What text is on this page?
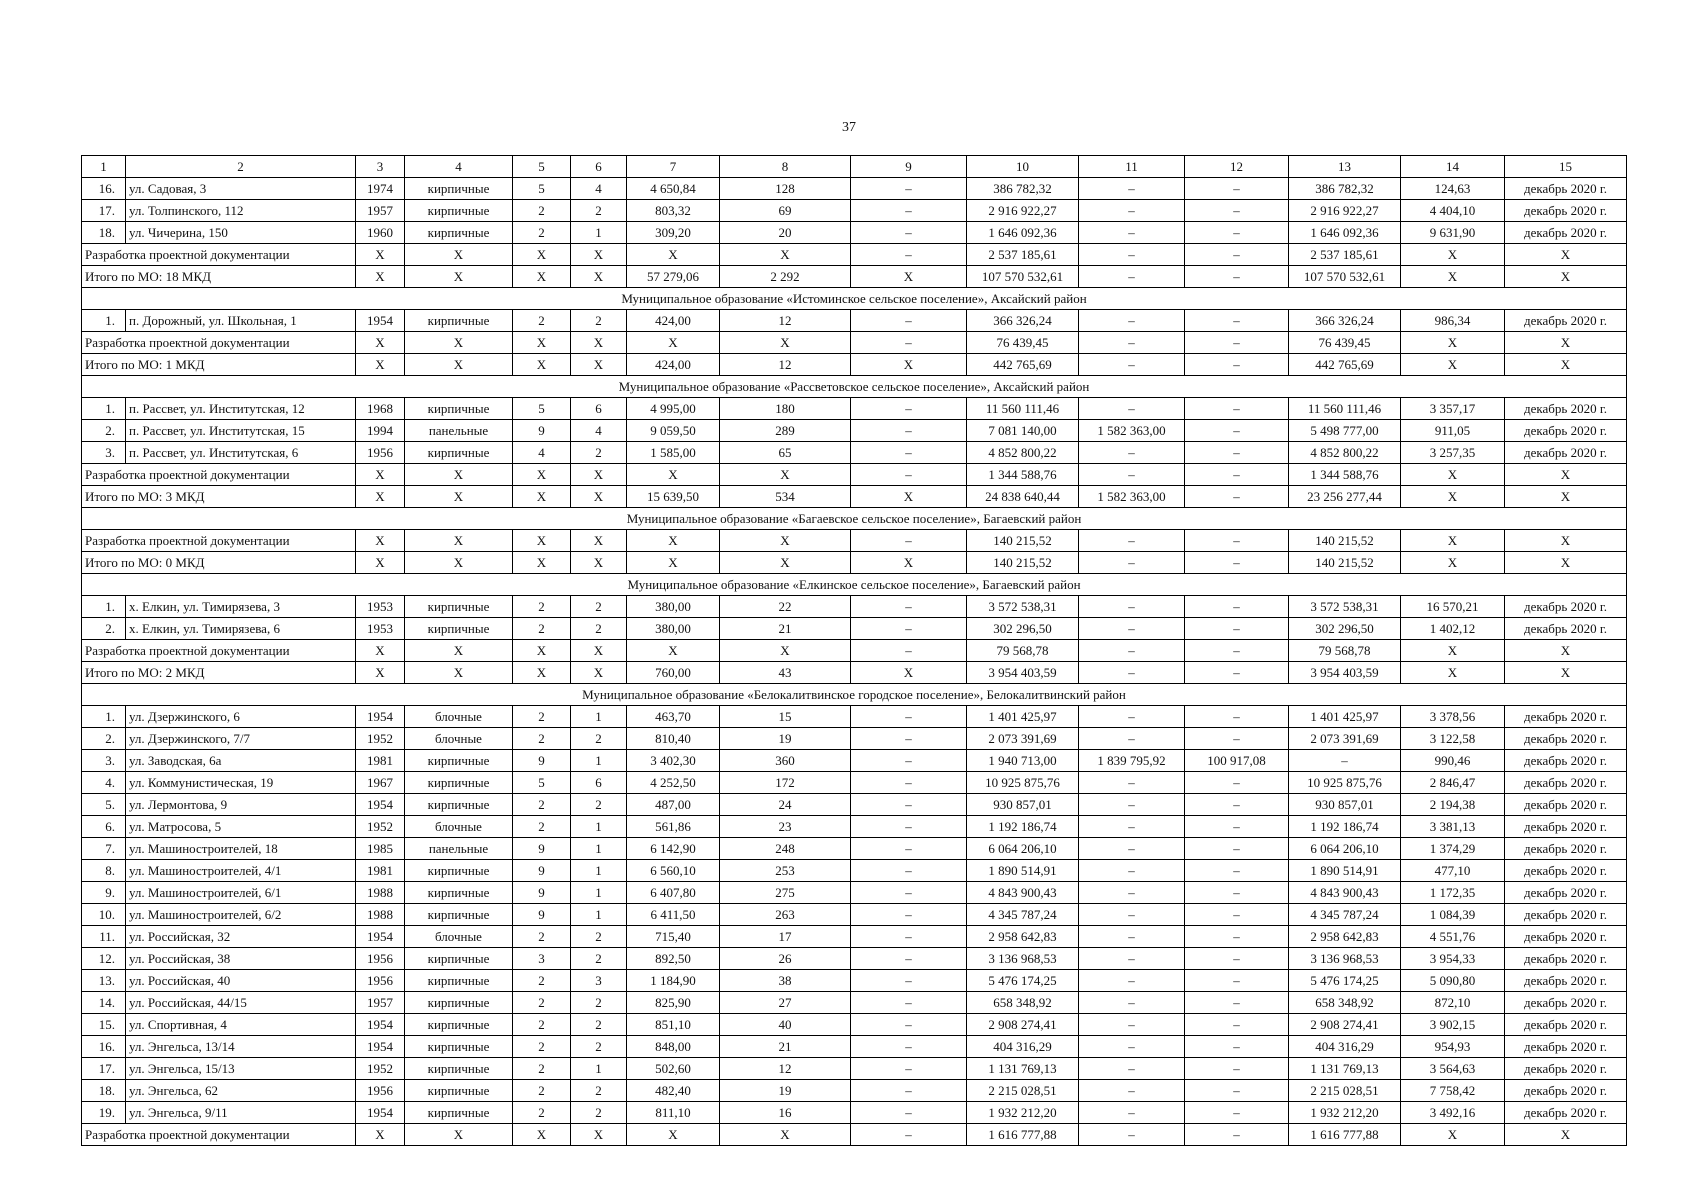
37
1	2	3	4	5	6	7	8	9	10	11	12	13	14	15
16.	ул. Садовая, 3	1974	кирпичные	5	4	4 650,84	128	–	386 782,32	–	–	386 782,32	124,63	декабрь 2020 г.
17.	ул. Толпинского, 112	1957	кирпичные	2	2	803,32	69	–	2 916 922,27	–	–	2 916 922,27	4 404,10	декабрь 2020 г.
18.	ул. Чичерина, 150	1960	кирпичные	2	1	309,20	20	–	1 646 092,36	–	–	1 646 092,36	9 631,90	декабрь 2020 г.
Разработка проектной документации		X	X	X	X	X	X	–	2 537 185,61	–	–	2 537 185,61	X	X
Итого по МО: 18 МКД		X	X	X	X	57 279,06	2 292	X	107 570 532,61	–	–	107 570 532,61	X	X
Муниципальное образование «Истоминское сельское поселение», Аксайский район														
1.	п. Дорожный, ул. Школьная, 1	1954	кирпичные	2	2	424,00	12	–	366 326,24	–	–	366 326,24	986,34	декабрь 2020 г.
Разработка проектной документации		X	X	X	X	X	X	–	76 439,45	–	–	76 439,45	X	X
Итого по МО: 1 МКД		X	X	X	X	424,00	12	X	442 765,69	–	–	442 765,69	X	X
Муниципальное образование «Рассветовское сельское поселение», Аксайский район														
1.	п. Рассвет, ул. Институтская, 12	1968	кирпичные	5	6	4 995,00	180	–	11 560 111,46	–	–	11 560 111,46	3 357,17	декабрь 2020 г.
2.	п. Рассвет, ул. Институтская, 15	1994	панельные	9	4	9 059,50	289	–	7 081 140,00	1 582 363,00	–	5 498 777,00	911,05	декабрь 2020 г.
3.	п. Рассвет, ул. Институтская, 6	1956	кирпичные	4	2	1 585,00	65	–	4 852 800,22	–	–	4 852 800,22	3 257,35	декабрь 2020 г.
Разработка проектной документации		X	X	X	X	X	X	–	1 344 588,76	–	–	1 344 588,76	X	X
Итого по МО: 3 МКД		X	X	X	X	15 639,50	534	X	24 838 640,44	1 582 363,00	–	23 256 277,44	X	X
Муниципальное образование «Багаевское сельское поселение», Багаевский район														
Разработка проектной документации		X	X	X	X	X	X	–	140 215,52	–	–	140 215,52	X	X
Итого по МО: 0 МКД		X	X	X	X	X	X	X	140 215,52	–	–	140 215,52	X	X
Муниципальное образование «Елкинское сельское поселение», Багаевский район														
1.	х. Елкин, ул. Тимирязева, 3	1953	кирпичные	2	2	380,00	22	–	3 572 538,31	–	–	3 572 538,31	16 570,21	декабрь 2020 г.
2.	х. Елкин, ул. Тимирязева, 6	1953	кирпичные	2	2	380,00	21	–	302 296,50	–	–	302 296,50	1 402,12	декабрь 2020 г.
Разработка проектной документации		X	X	X	X	X	X	–	79 568,78	–	–	79 568,78	X	X
Итого по МО: 2 МКД		X	X	X	X	760,00	43	X	3 954 403,59	–	–	3 954 403,59	X	X
Муниципальное образование «Белокалитвинское городское поселение», Белокалитвинский район														
1.	ул. Дзержинского, 6	1954	блочные	2	1	463,70	15	–	1 401 425,97	–	–	1 401 425,97	3 378,56	декабрь 2020 г.
2.	ул. Дзержинского, 7/7	1952	блочные	2	2	810,40	19	–	2 073 391,69	–	–	2 073 391,69	3 122,58	декабрь 2020 г.
3.	ул. Заводская, 6а	1981	кирпичные	9	1	3 402,30	360	–	1 940 713,00	1 839 795,92	100 917,08	–	990,46	декабрь 2020 г.
4.	ул. Коммунистическая, 19	1967	кирпичные	5	6	4 252,50	172	–	10 925 875,76	–	–	10 925 875,76	2 846,47	декабрь 2020 г.
5.	ул. Лермонтова, 9	1954	кирпичные	2	2	487,00	24	–	930 857,01	–	–	930 857,01	2 194,38	декабрь 2020 г.
6.	ул. Матросова, 5	1952	блочные	2	1	561,86	23	–	1 192 186,74	–	–	1 192 186,74	3 381,13	декабрь 2020 г.
7.	ул. Машиностроителей, 18	1985	панельные	9	1	6 142,90	248	–	6 064 206,10	–	–	6 064 206,10	1 374,29	декабрь 2020 г.
8.	ул. Машиностроителей, 4/1	1981	кирпичные	9	1	6 560,10	253	–	1 890 514,91	–	–	1 890 514,91	477,10	декабрь 2020 г.
9.	ул. Машиностроителей, 6/1	1988	кирпичные	9	1	6 407,80	275	–	4 843 900,43	–	–	4 843 900,43	1 172,35	декабрь 2020 г.
10.	ул. Машиностроителей, 6/2	1988	кирпичные	9	1	6 411,50	263	–	4 345 787,24	–	–	4 345 787,24	1 084,39	декабрь 2020 г.
11.	ул. Российская, 32	1954	блочные	2	2	715,40	17	–	2 958 642,83	–	–	2 958 642,83	4 551,76	декабрь 2020 г.
12.	ул. Российская, 38	1956	кирпичные	3	2	892,50	26	–	3 136 968,53	–	–	3 136 968,53	3 954,33	декабрь 2020 г.
13.	ул. Российская, 40	1956	кирпичные	2	3	1 184,90	38	–	5 476 174,25	–	–	5 476 174,25	5 090,80	декабрь 2020 г.
14.	ул. Российская, 44/15	1957	кирпичные	2	2	825,90	27	–	658 348,92	–	–	658 348,92	872,10	декабрь 2020 г.
15.	ул. Спортивная, 4	1954	кирпичные	2	2	851,10	40	–	2 908 274,41	–	–	2 908 274,41	3 902,15	декабрь 2020 г.
16.	ул. Энгельса, 13/14	1954	кирпичные	2	2	848,00	21	–	404 316,29	–	–	404 316,29	954,93	декабрь 2020 г.
17.	ул. Энгельса, 15/13	1952	кирпичные	2	1	502,60	12	–	1 131 769,13	–	–	1 131 769,13	3 564,63	декабрь 2020 г.
18.	ул. Энгельса, 62	1956	кирпичные	2	2	482,40	19	–	2 215 028,51	–	–	2 215 028,51	7 758,42	декабрь 2020 г.
19.	ул. Энгельса, 9/11	1954	кирпичные	2	2	811,10	16	–	1 932 212,20	–	–	1 932 212,20	3 492,16	декабрь 2020 г.
Разработка проектной документации		X	X	X	X	X	X	–	1 616 777,88	–	–	1 616 777,88	X	X
